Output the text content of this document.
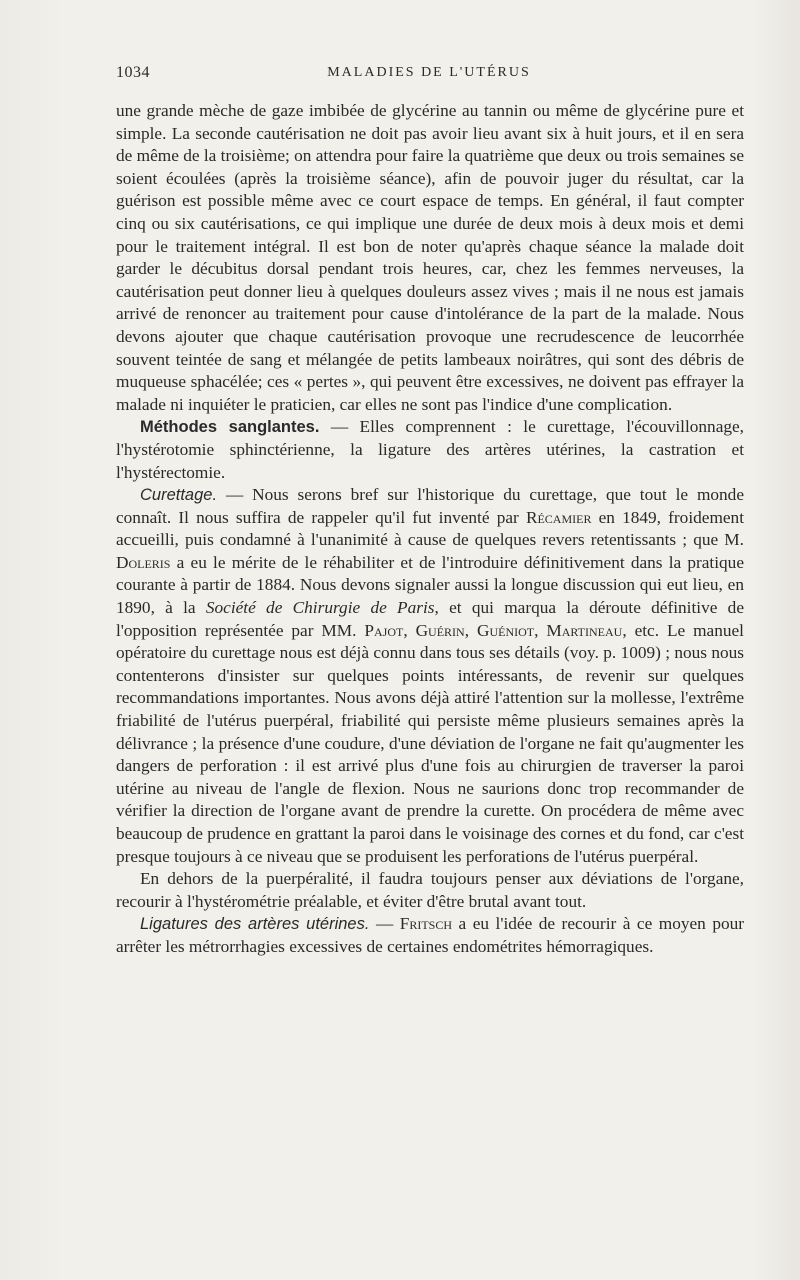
1034	MALADIES DE L'UTÉRUS

une grande mèche de gaze imbibée de glycérine au tannin ou même de glycérine pure et simple. La seconde cautérisation ne doit pas avoir lieu avant six à huit jours, et il en sera de même de la troisième; on attendra pour faire la quatrième que deux ou trois semaines se soient écoulées (après la troisième séance), afin de pouvoir juger du résultat, car la guérison est possible même avec ce court espace de temps. En général, il faut compter cinq ou six cautérisations, ce qui implique une durée de deux mois à deux mois et demi pour le traitement intégral. Il est bon de noter qu'après chaque séance la malade doit garder le décubitus dorsal pendant trois heures, car, chez les femmes nerveuses, la cautérisation peut donner lieu à quelques douleurs assez vives ; mais il ne nous est jamais arrivé de renoncer au traitement pour cause d'intolérance de la part de la malade. Nous devons ajouter que chaque cautérisation provoque une recrudescence de leucorrhée souvent teintée de sang et mélangée de petits lambeaux noirâtres, qui sont des débris de muqueuse sphacélée; ces « pertes », qui peuvent être excessives, ne doivent pas effrayer la malade ni inquiéter le praticien, car elles ne sont pas l'indice d'une complication.

Méthodes sanglantes. — Elles comprennent : le curettage, l'écouvillonnage, l'hystérotomie sphinctérienne, la ligature des artères utérines, la castration et l'hystérectomie.

Curettage. — Nous serons bref sur l'historique du curettage, que tout le monde connaît. Il nous suffira de rappeler qu'il fut inventé par Récamier en 1849, froidement accueilli, puis condamné à l'unanimité à cause de quelques revers retentissants ; que M. Doleris a eu le mérite de le réhabiliter et de l'introduire définitivement dans la pratique courante à partir de 1884. Nous devons signaler aussi la longue discussion qui eut lieu, en 1890, à la Société de Chirurgie de Paris, et qui marqua la déroute définitive de l'opposition représentée par MM. Pajot, Guérin, Guéniot, Martineau, etc. Le manuel opératoire du curettage nous est déjà connu dans tous ses détails (voy. p. 1009) ; nous nous contenterons d'insister sur quelques points intéressants, de revenir sur quelques recommandations importantes. Nous avons déjà attiré l'attention sur la mollesse, l'extrême friabilité de l'utérus puerpéral, friabilité qui persiste même plusieurs semaines après la délivrance ; la présence d'une coudure, d'une déviation de l'organe ne fait qu'augmenter les dangers de perforation : il est arrivé plus d'une fois au chirurgien de traverser la paroi utérine au niveau de l'angle de flexion. Nous ne saurions donc trop recommander de vérifier la direction de l'organe avant de prendre la curette. On procédera de même avec beaucoup de prudence en grattant la paroi dans le voisinage des cornes et du fond, car c'est presque toujours à ce niveau que se produisent les perforations de l'utérus puerpéral.

En dehors de la puerpéralité, il faudra toujours penser aux déviations de l'organe, recourir à l'hystérométrie préalable, et éviter d'être brutal avant tout.

Ligatures des artères utérines. — Fritsch a eu l'idée de recourir à ce moyen pour arrêter les métrorrhagies excessives de certaines endométrites hémorragiques.
